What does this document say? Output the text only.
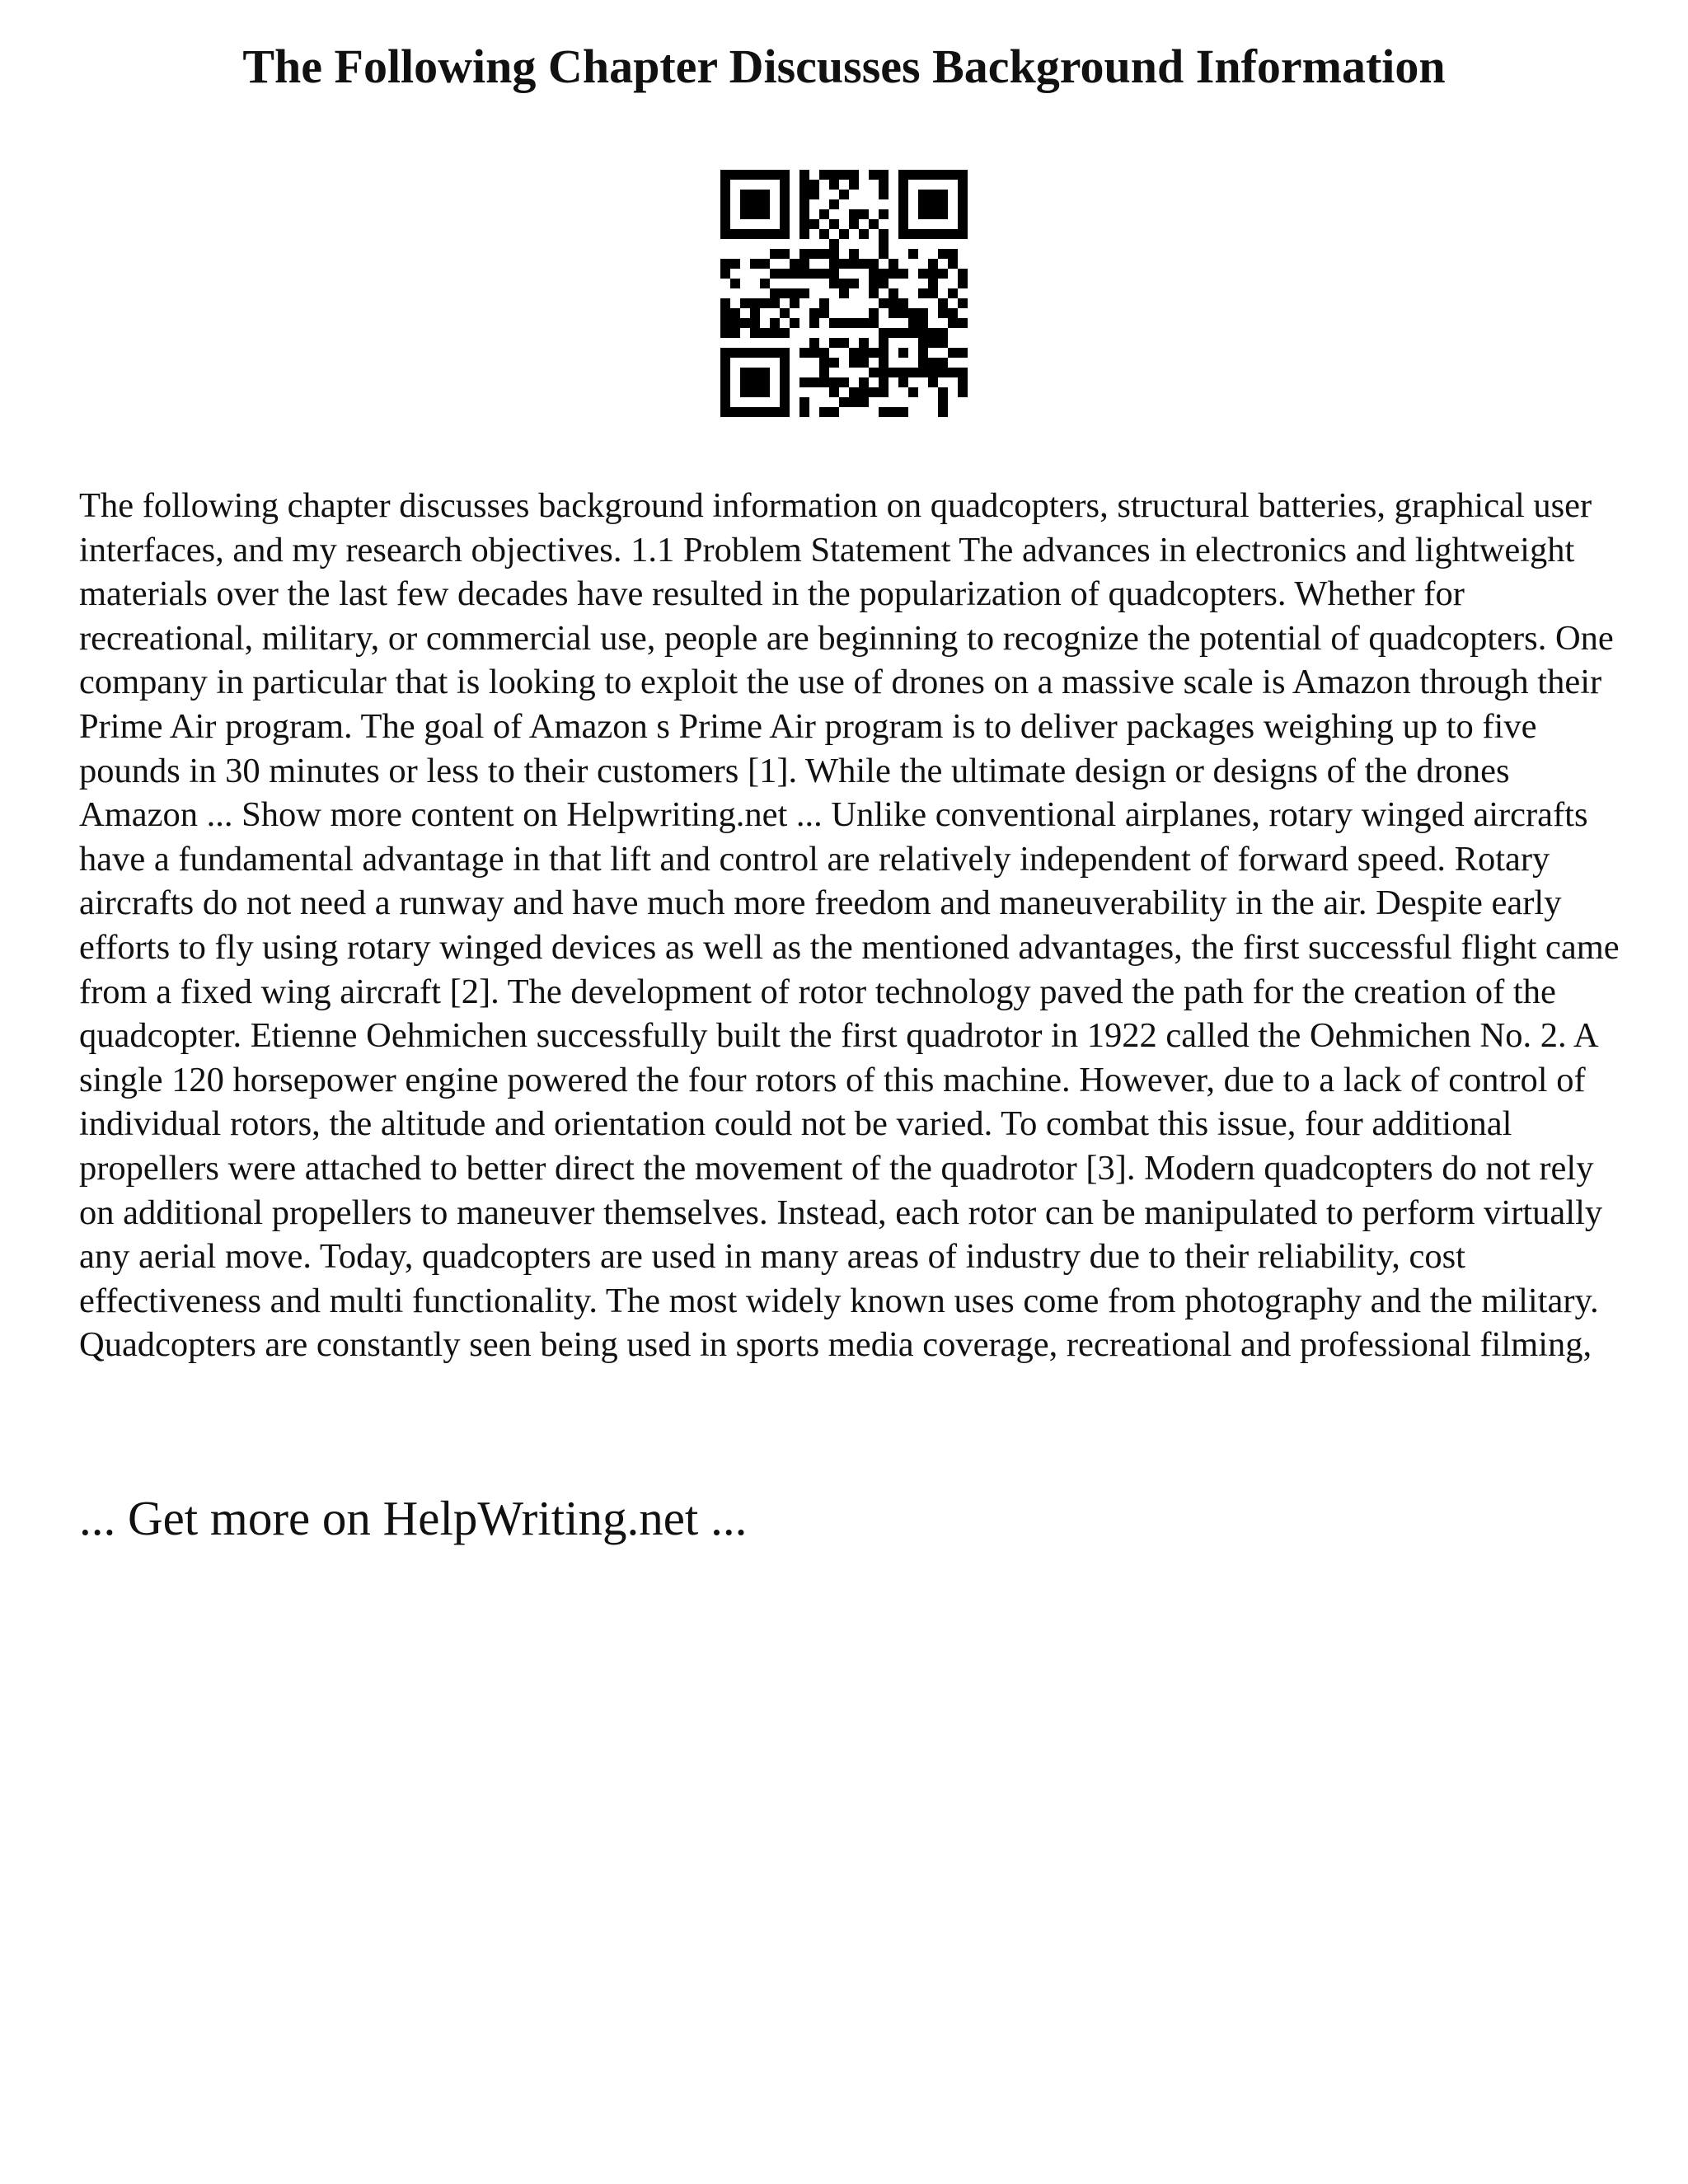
The Following Chapter Discusses Background Information

The following chapter discusses background information on quadcopters, structural batteries, graphical user interfaces, and my research objectives. 1.1 Problem Statement The advances in electronics and lightweight materials over the last few decades have resulted in the popularization of quadcopters. Whether for recreational, military, or commercial use, people are beginning to recognize the potential of quadcopters. One company in particular that is looking to exploit the use of drones on a massive scale is Amazon through their Prime Air program. The goal of Amazon s Prime Air program is to deliver packages weighing up to five pounds in 30 minutes or less to their customers [1]. While the ultimate design or designs of the drones Amazon ... Show more content on Helpwriting.net ... Unlike conventional airplanes, rotary winged aircrafts have a fundamental advantage in that lift and control are relatively independent of forward speed. Rotary aircrafts do not need a runway and have much more freedom and maneuverability in the air. Despite early efforts to fly using rotary winged devices as well as the mentioned advantages, the first successful flight came from a fixed wing aircraft [2]. The development of rotor technology paved the path for the creation of the quadcopter. Etienne Oehmichen successfully built the first quadrotor in 1922 called the Oehmichen No. 2. A single 120 horsepower engine powered the four rotors of this machine. However, due to a lack of control of individual rotors, the altitude and orientation could not be varied. To combat this issue, four additional propellers were attached to better direct the movement of the quadrotor [3]. Modern quadcopters do not rely on additional propellers to maneuver themselves. Instead, each rotor can be manipulated to perform virtually any aerial move. Today, quadcopters are used in many areas of industry due to their reliability, cost effectiveness and multi functionality. The most widely known uses come from photography and the military. Quadcopters are constantly seen being used in sports media coverage, recreational and professional filming,

... Get more on HelpWriting.net ...
